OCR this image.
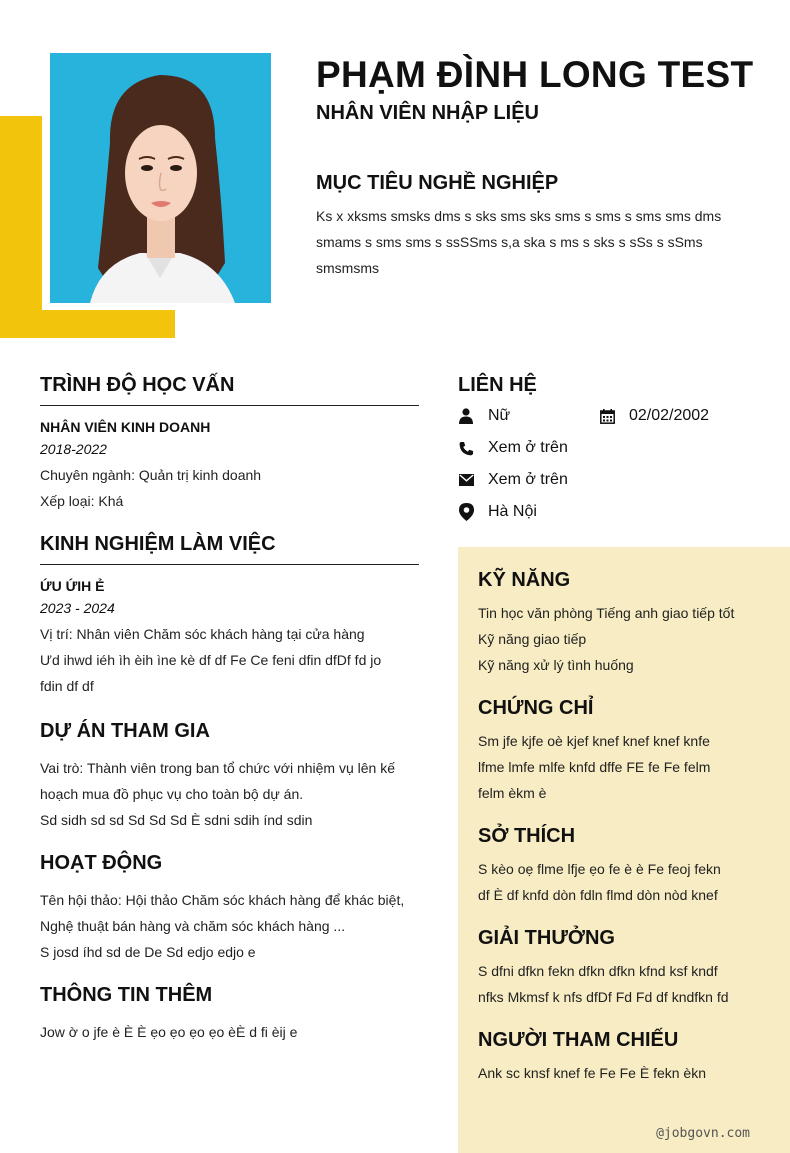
PHẠM ĐÌNH LONG TEST
NHÂN VIÊN NHẬP LIỆU
MỤC TIÊU NGHỀ NGHIỆP
Ks x xksms smsks dms s sks sms sks sms s sms s sms sms dms
smams s sms sms s ssSSms s,a ska s ms s sks s sSs s sSms
smsmsms
TRÌNH ĐỘ HỌC VẤN
NHÂN VIÊN KINH DOANH
2018-2022
Chuyên ngành: Quản trị kinh doanh
Xếp loại: Khá
KINH NGHIỆM LÀM VIỆC
ỨU ỨIH Ẻ
2023 - 2024
Vị trí: Nhân viên Chăm sóc khách hàng tại cửa hàng
Ưd ihwd iéh ìh èih ìne kè df df Fe Ce feni dfin dfDf fd jo
fdin df df
DỰ ÁN THAM GIA
Vai trò: Thành viên trong ban tổ chức với nhiệm vụ lên kế
hoạch mua đồ phục vụ cho toàn bộ dự án.
Sd sidh sd sd Sd Sd Sd È sdni sdih índ sdin
HOẠT ĐỘNG
Tên hội thảo: Hội thảo Chăm sóc khách hàng để khác biệt,
Nghệ thuật bán hàng và chăm sóc khách hàng ...
S josd íhd sd de De Sd edjo edjo e
THÔNG TIN THÊM
Jow ờ o jfe è È È ẹo ẹo ẹo ẹo èÈ d fi èij e
LIÊN HỆ
Nữ	02/02/2002
Xem ở trên
Xem ở trên
Hà Nội
KỸ NĂNG
Tin học văn phòng Tiếng anh giao tiếp tốt
Kỹ năng giao tiếp
Kỹ năng xử lý tình huống
CHỨNG CHỈ
Sm jfe kjfe oè kjef knef knef knef knfe
lfme lmfe mlfe knfd dffe FE fe Fe felm
felm èkm è
SỞ THÍCH
S kèo oẹ flme lfje ẹo fe è è Fe feoj fekn
df È df knfd dòn fdln flmd dòn nòd knef
GIẢI THƯỞNG
S dfni dfkn fekn dfkn dfkn kfnd ksf kndf
nfks Mkmsf k nfs dfDf Fd Fd df kndfkn fd
NGƯỜI THAM CHIẾU
Ank sc knsf knef fe Fe Fe È fekn èkn
@jobgovn.com
